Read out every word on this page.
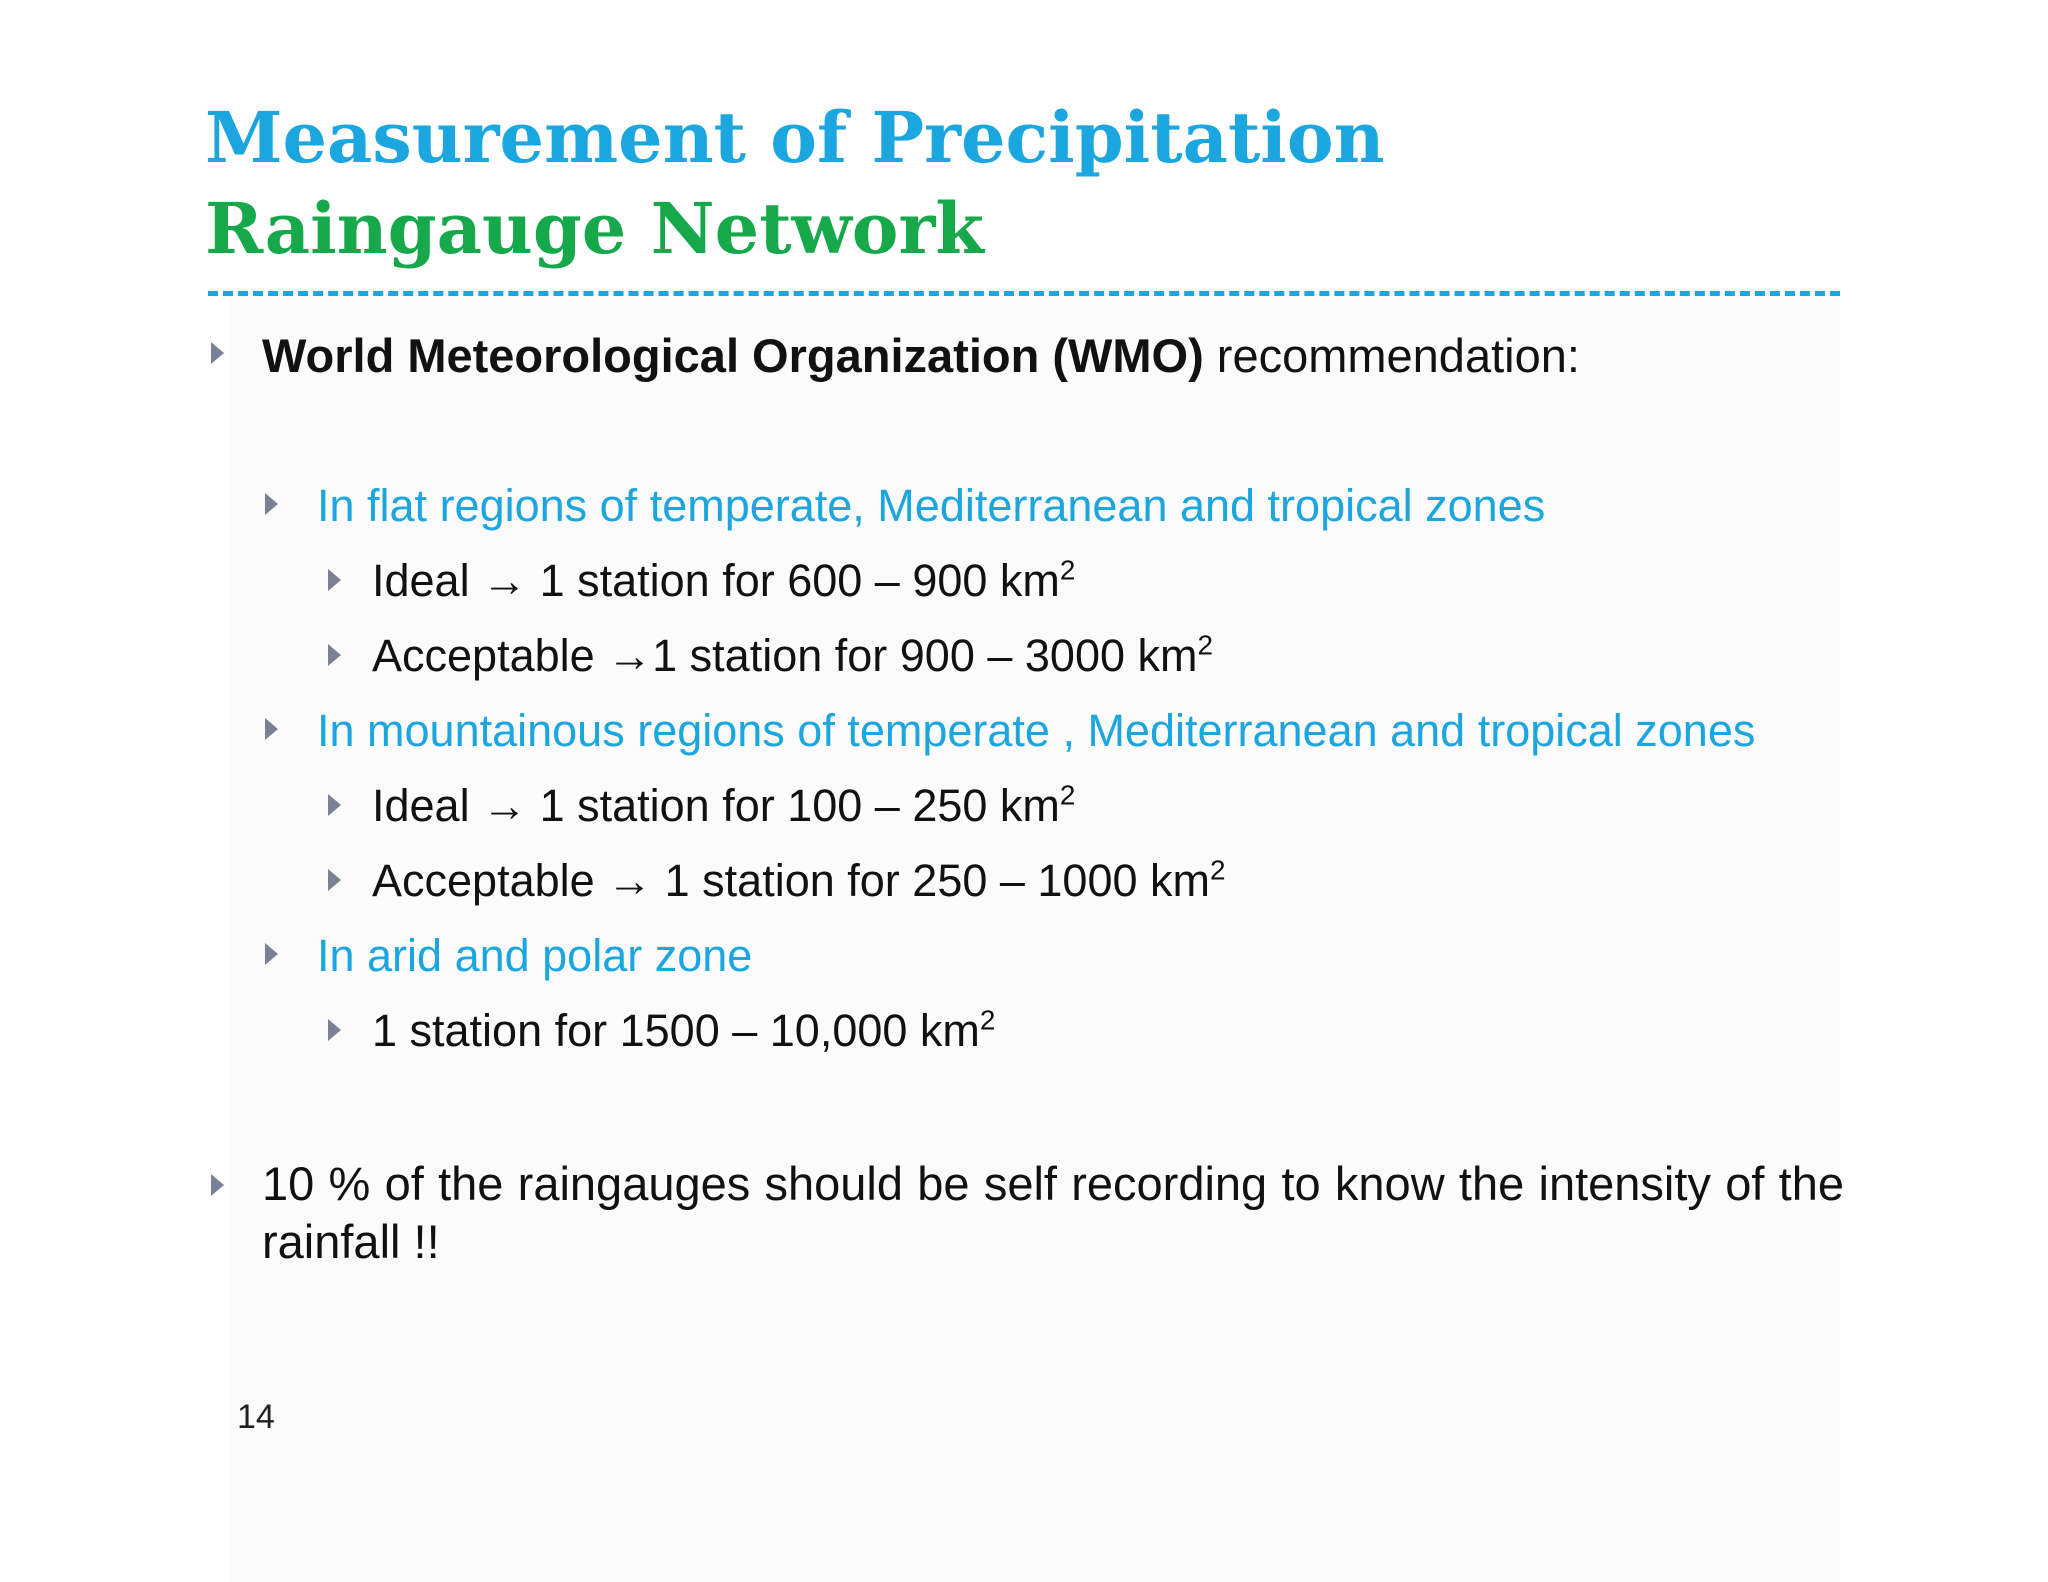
Measurement of Precipitation
Raingauge Network
World Meteorological Organization (WMO) recommendation:
In flat regions of temperate, Mediterranean and tropical zones
Ideal → 1 station for 600 – 900 $km^2$
Acceptable →1 station for 900 – 3000 $km^2$
In mountainous regions of temperate , Mediterranean and tropical zones
Ideal → 1 station for 100 – 250 $km^2$
Acceptable → 1 station for 250 – 1000 $km^2$
In arid and polar zone
1 station for 1500 – 10,000 $km^2$
10 % of the raingauges should be self recording to know the intensity of the rainfall !!
14
